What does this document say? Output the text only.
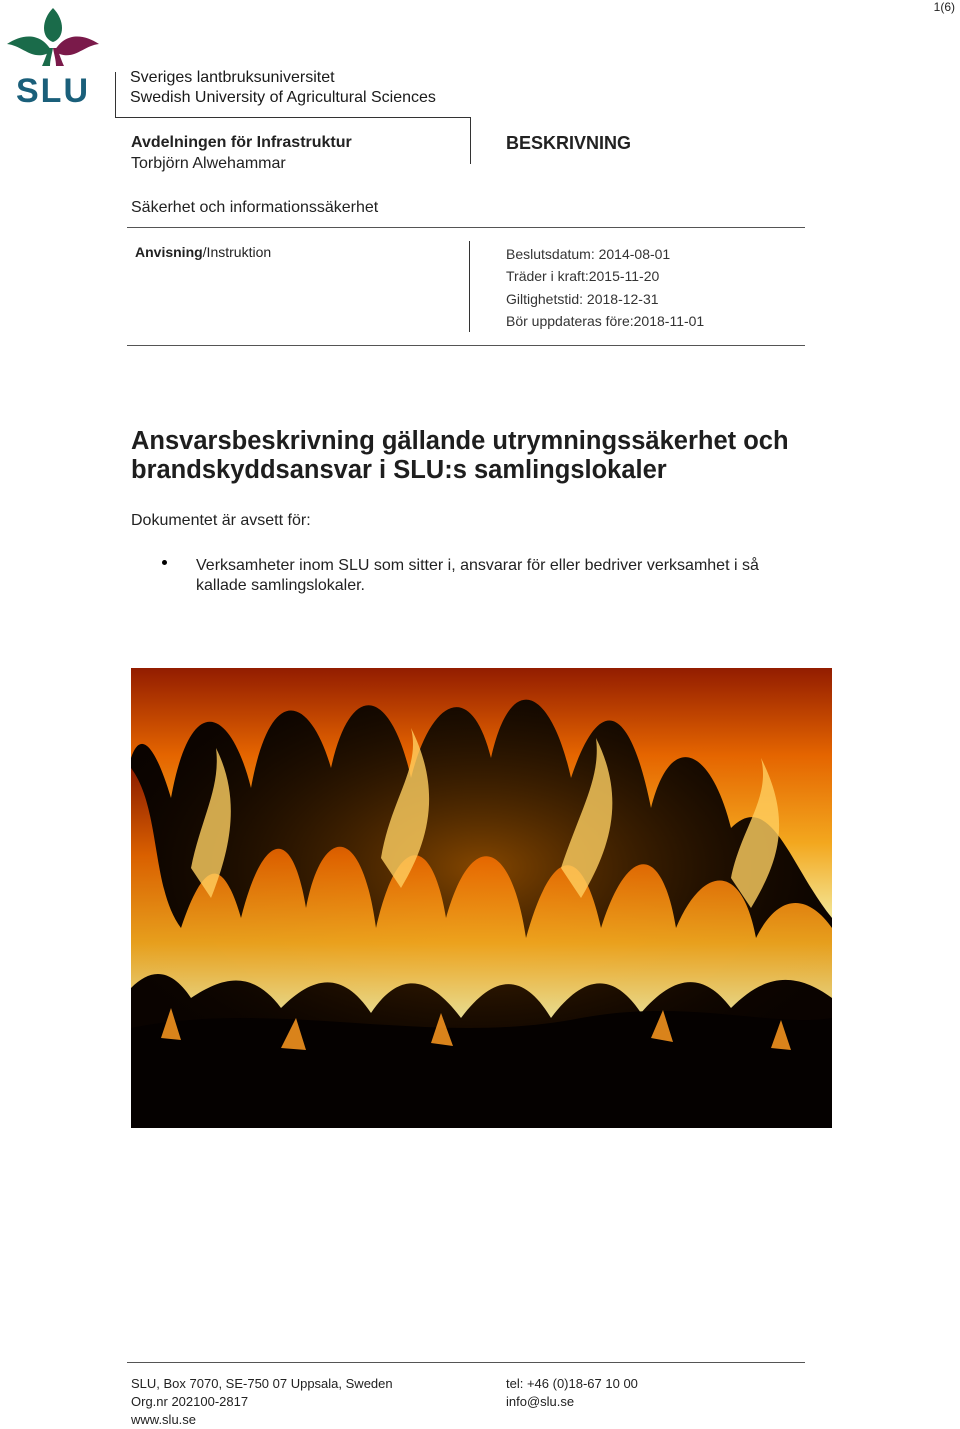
1(6)
SLU	Sveriges lantbruksuniversitet
Swedish University of Agricultural Sciences
Avdelningen för Infrastruktur
Torbjörn Alwehammar
BESKRIVNING
Säkerhet och informationssäkerhet
Anvisning/Instruktion	Beslutsdatum: 2014-08-01
Träder i kraft:2015-11-20
Giltighetstid: 2018-12-31
Bör uppdateras före:2018-11-01
Ansvarsbeskrivning gällande utrymningssäkerhet och
brandskyddsansvar i SLU:s samlingslokaler
Dokumentet är avsett för:
Verksamheter inom SLU som sitter i, ansvarar för eller bedriver verksamhet i så
kallade samlingslokaler.
SLU, Box 7070, SE-750 07 Uppsala, Sweden
Org.nr 202100-2817
www.slu.se
tel: +46 (0)18-67 10 00
info@slu.se
